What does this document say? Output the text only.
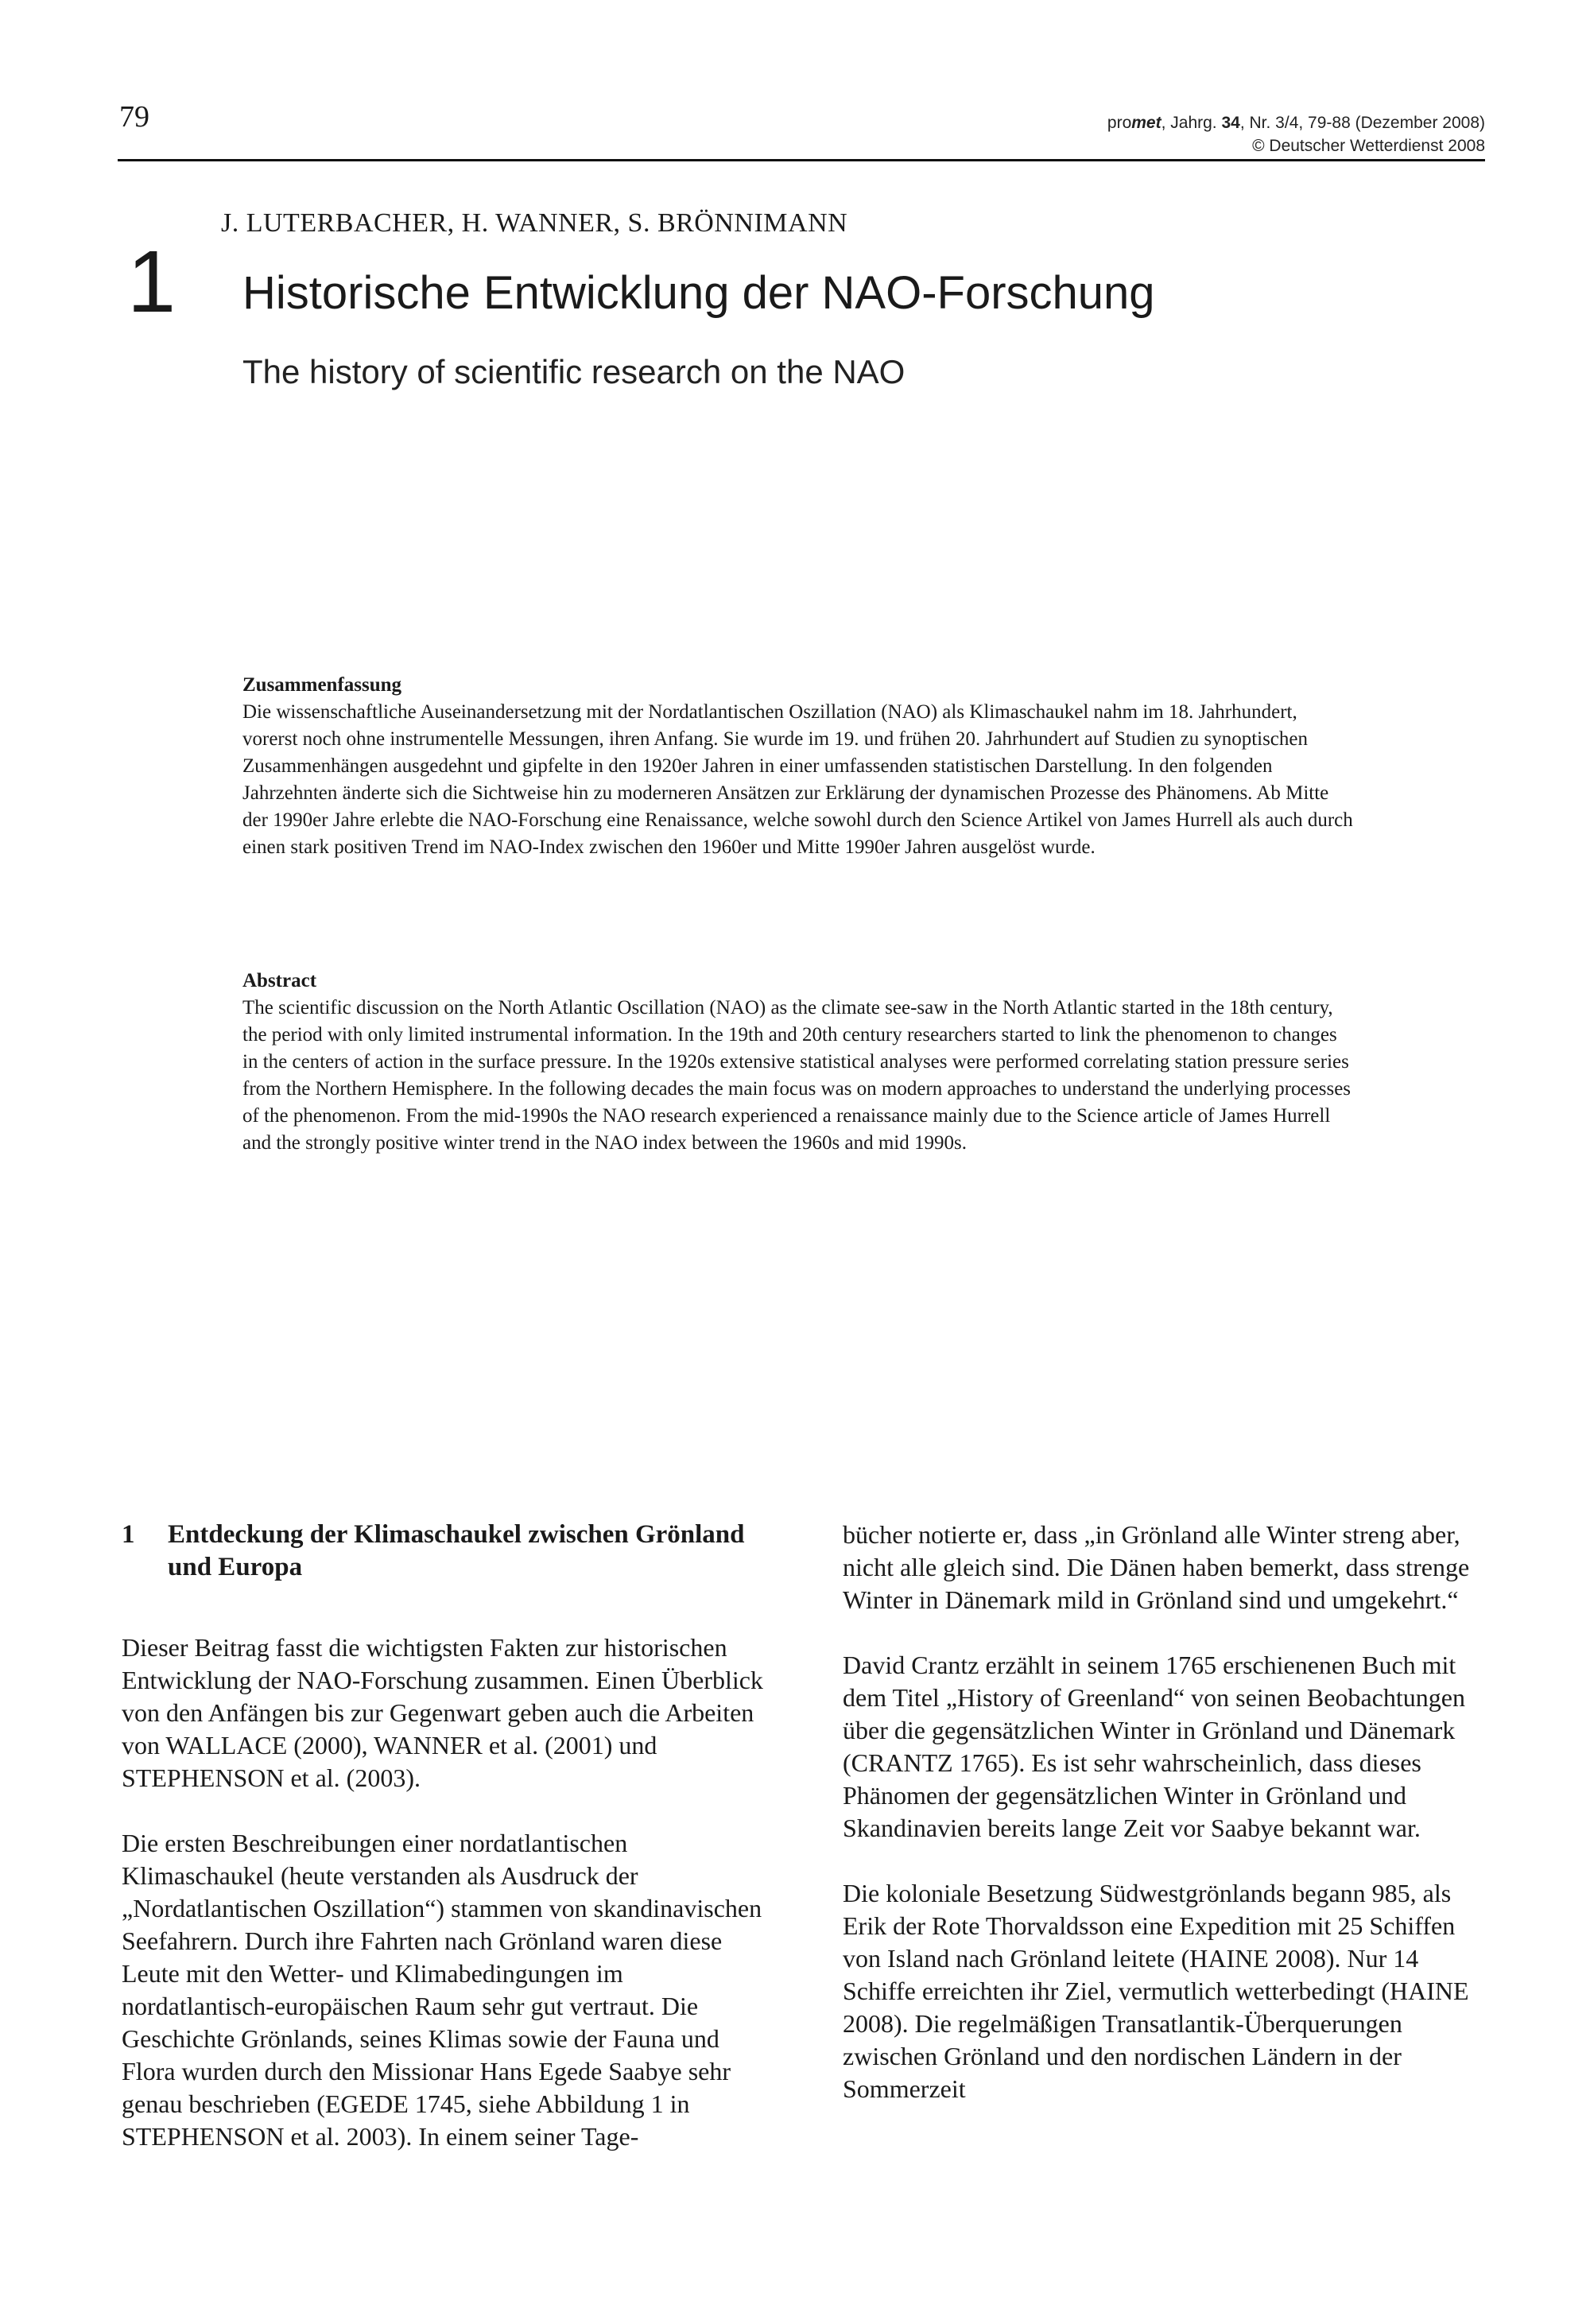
79	promet, Jahrg. 34, Nr. 3/4, 79-88 (Dezember 2008)
© Deutscher Wetterdienst 2008
J. LUTERBACHER, H. WANNER, S. BRÖNNIMANN
1 Historische Entwicklung der NAO-Forschung
The history of scientific research on the NAO
Zusammenfassung
Die wissenschaftliche Auseinandersetzung mit der Nordatlantischen Oszillation (NAO) als Klimaschaukel nahm im 18. Jahrhundert, vorerst noch ohne instrumentelle Messungen, ihren Anfang. Sie wurde im 19. und frühen 20. Jahrhundert auf Studien zu synoptischen Zusammenhängen ausgedehnt und gipfelte in den 1920er Jahren in einer umfassenden statistischen Darstellung. In den folgenden Jahrzehnten änderte sich die Sichtweise hin zu moderneren Ansätzen zur Erklärung der dynamischen Prozesse des Phänomens. Ab Mitte der 1990er Jahre erlebte die NAO-Forschung eine Renaissance, welche sowohl durch den Science Artikel von James Hurrell als auch durch einen stark positiven Trend im NAO-Index zwischen den 1960er und Mitte 1990er Jahren ausgelöst wurde.
Abstract
The scientific discussion on the North Atlantic Oscillation (NAO) as the climate see-saw in the North Atlantic started in the 18th century, the period with only limited instrumental information. In the 19th and 20th century researchers started to link the phenomenon to changes in the centers of action in the surface pressure. In the 1920s extensive statistical analyses were performed correlating station pressure series from the Northern Hemisphere. In the following decades the main focus was on modern approaches to understand the underlying processes of the phenomenon. From the mid-1990s the NAO research experienced a renaissance mainly due to the Science article of James Hurrell and the strongly positive winter trend in the NAO index between the 1960s and mid 1990s.
1	Entdeckung der Klimaschaukel zwischen Grönland und Europa

Dieser Beitrag fasst die wichtigsten Fakten zur historischen Entwicklung der NAO-Forschung zusammen. Einen Überblick von den Anfängen bis zur Gegenwart geben auch die Arbeiten von WALLACE (2000), WANNER et al. (2001) und STEPHENSON et al. (2003).

Die ersten Beschreibungen einer nordatlantischen Klimaschaukel (heute verstanden als Ausdruck der „Nordatlantischen Oszillation“) stammen von skandinavischen Seefahrern. Durch ihre Fahrten nach Grönland waren diese Leute mit den Wetter- und Klimabedingungen im nordatlantisch-europäischen Raum sehr gut vertraut. Die Geschichte Grönlands, seines Klimas sowie der Fauna und Flora wurden durch den Missionar Hans Egede Saabye sehr genau beschrieben (EGEDE 1745, siehe Abbildung 1 in STEPHENSON et al. 2003). In einem seiner Tage-

bücher notierte er, dass „in Grönland alle Winter streng aber, nicht alle gleich sind. Die Dänen haben bemerkt, dass strenge Winter in Dänemark mild in Grönland sind und umgekehrt.“

David Crantz erzählt in seinem 1765 erschienenen Buch mit dem Titel „History of Greenland“ von seinen Beobachtungen über die gegensätzlichen Winter in Grönland und Dänemark (CRANTZ 1765). Es ist sehr wahrscheinlich, dass dieses Phänomen der gegensätzlichen Winter in Grönland und Skandinavien bereits lange Zeit vor Saabye bekannt war.

Die koloniale Besetzung Südwestgrönlands begann 985, als Erik der Rote Thorvaldsson eine Expedition mit 25 Schiffen von Island nach Grönland leitete (HAINE 2008). Nur 14 Schiffe erreichten ihr Ziel, vermutlich wetterbedingt (HAINE 2008). Die regelmäßigen Transatlantik-Überquerungen zwischen Grönland und den nordischen Ländern in der Sommerzeit
